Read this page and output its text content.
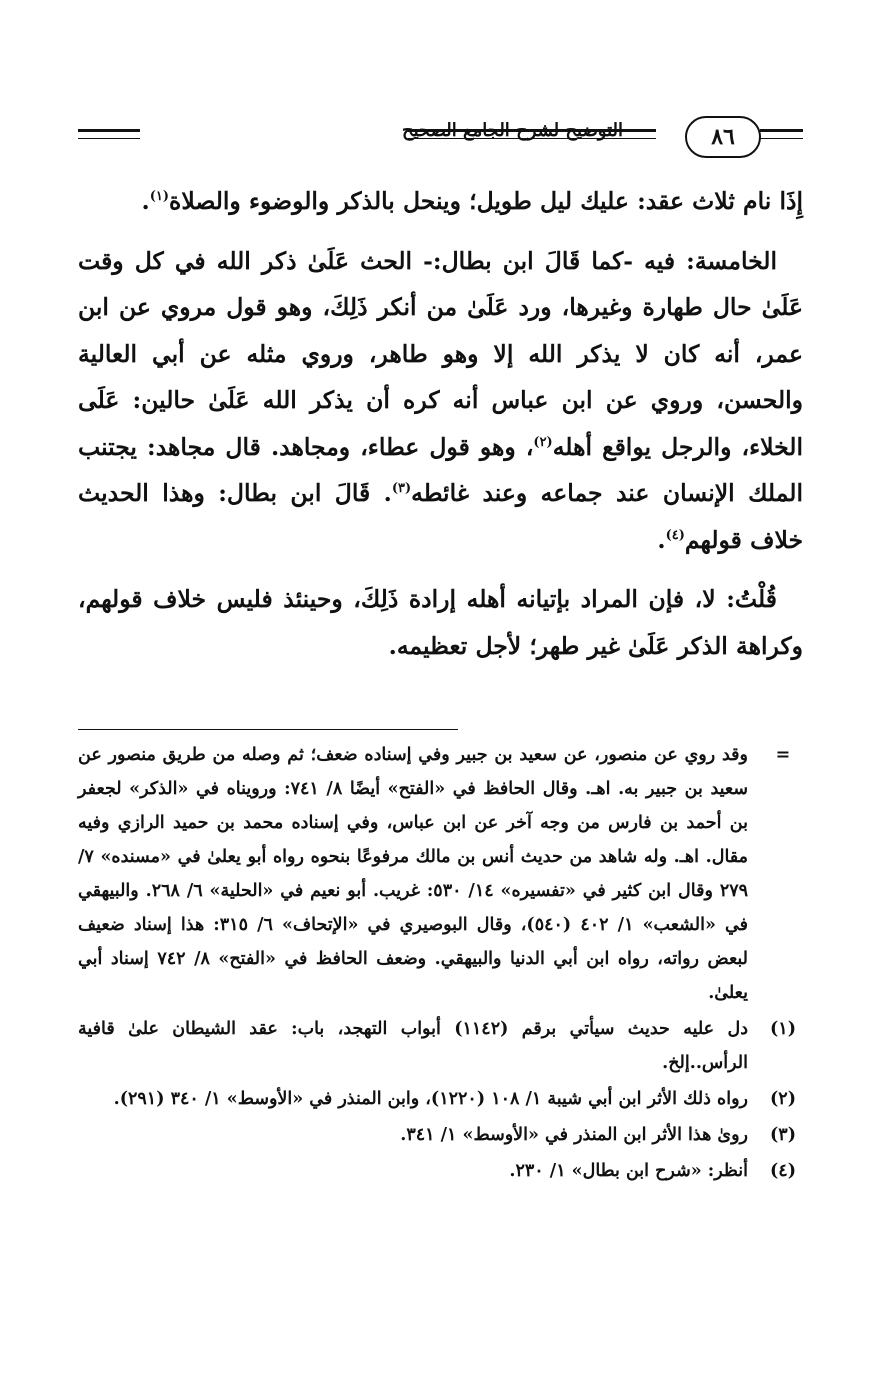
التوضيح لشرح الجامع الصحيح	٨٦

إِذَا نام ثلاث عقد: عليك ليل طويل؛ وينحل بالذكر والوضوء والصلاة$^{(١)}$.

الخامسة: فيه -كما قَالَ ابن بطال:- الحث عَلَىٰ ذكر الله في كل وقت عَلَىٰ حال طهارة وغيرها، ورد عَلَىٰ من أنكر ذَلِكَ، وهو قول مروي عن ابن عمر، أنه كان لا يذكر الله إلا وهو طاهر، وروي مثله عن أبي العالية والحسن، وروي عن ابن عباس أنه كره أن يذكر الله عَلَىٰ حالين: عَلَى الخلاء، والرجل يواقع أهله$^{(٢)}$، وهو قول عطاء، ومجاهد. قال مجاهد: يجتنب الملك الإنسان عند جماعه وعند غائطه$^{(٣)}$. قَالَ ابن بطال: وهذا الحديث خلاف قولهم$^{(٤)}$.

قُلْتُ: لا، فإن المراد بإتيانه أهله إرادة ذَلِكَ، وحينئذ فليس خلاف قولهم، وكراهة الذكر عَلَىٰ غير طهر؛ لأجل تعظيمه.

=
وقد روي عن منصور، عن سعيد بن جبير وفي إسناده ضعف؛ ثم وصله من طريق منصور عن سعيد بن جبير به. اهـ. وقال الحافظ في «الفتح» أيضًا ٨/ ٧٤١: ورويناه في «الذكر» لجعفر بن أحمد بن فارس من وجه آخر عن ابن عباس، وفي إسناده محمد بن حميد الرازي وفيه مقال. اهـ. وله شاهد من حديث أنس بن مالك مرفوعًا بنحوه رواه أبو يعلىٰ في «مسنده» ٧/ ٢٧٩ وقال ابن كثير في «تفسيره» ١٤/ ٥٣٠: غريب. أبو نعيم في «الحلية» ٦/ ٢٦٨. والبيهقي في «الشعب» ١/ ٤٠٢ (٥٤٠)، وقال البوصيري في «الإتحاف» ٦/ ٣١٥: هذا إسناد ضعيف لبعض رواته، رواه ابن أبي الدنيا والبيهقي. وضعف الحافظ في «الفتح» ٨/ ٧٤٢ إسناد أبي يعلىٰ.
(١)
دل عليه حديث سيأتي برقم (١١٤٢) أبواب التهجد، باب: عقد الشيطان علىٰ قافية الرأس..إلخ.
(٢)
رواه ذلك الأثر ابن أبي شيبة ١/ ١٠٨ (١٢٢٠)، وابن المنذر في «الأوسط» ١/ ٣٤٠ (٢٩١).
(٣)
روىٰ هذا الأثر ابن المنذر في «الأوسط» ١/ ٣٤١.
(٤)
أنظر: «شرح ابن بطال» ١/ ٢٣٠.
